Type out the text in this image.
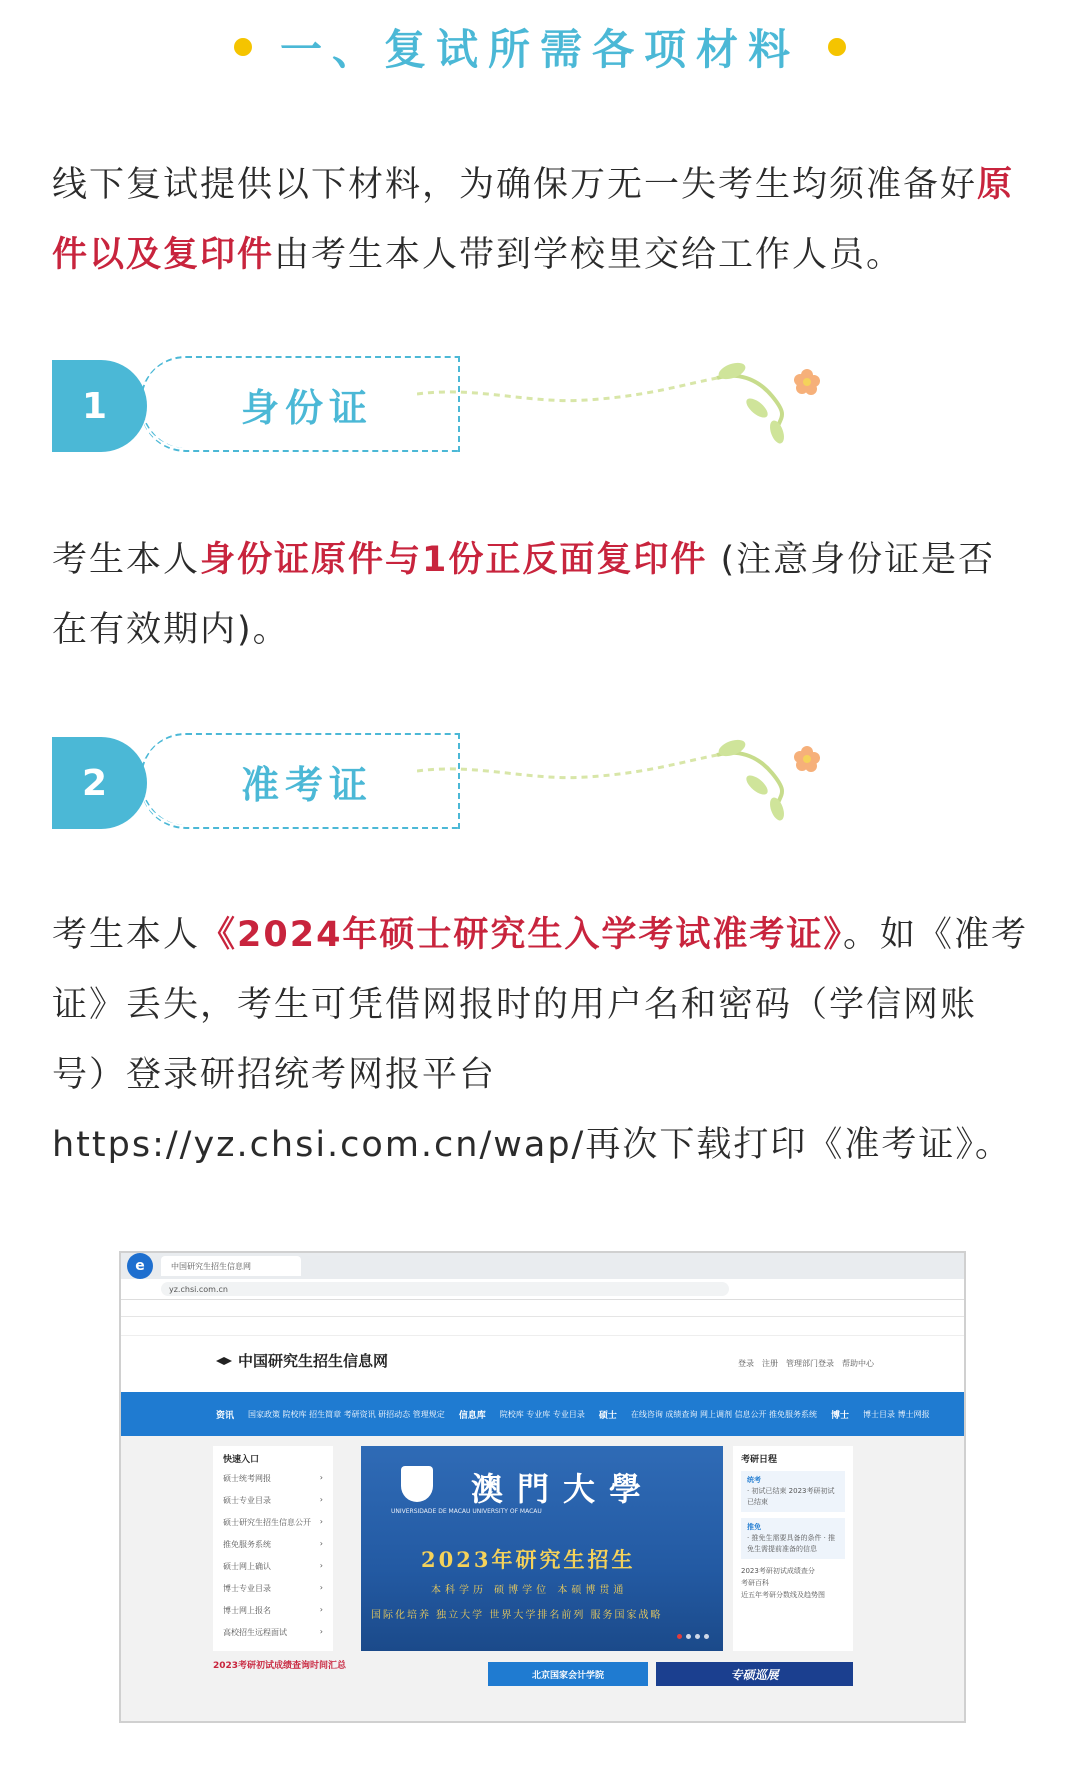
一、复试所需各项材料
线下复试提供以下材料，为确保万无一失考生均须准备好原件以及复印件由考生本人带到学校里交给工作人员。
1	身份证
考生本人身份证原件与1份正反面复印件 (注意身份证是否在有效期内)。
2	准考证
考生本人《2024年硕士研究生入学考试准考证》。如《准考证》丢失，考生可凭借网报时的用户名和密码（学信网账号）登录研招统考网报平台 https://yz.chsi.com.cn/wap/再次下载打印《准考证》。
e	中国研究生招生信息网
yz.chsi.com.cn
中国研究生招生信息网	登录 注册 管理部门登录 帮助中心
资讯 国家政策 院校库 招生简章 考研资讯 研招动态 管理规定 信息库 院校库 专业库 专业目录 硕士 在线咨询 成绩查询 网上调剂 信息公开 推免服务系统 博士 博士目录 博士网报
快速入口
硕士统考网报	›
硕士专业目录	›
硕士研究生招生信息公开 ›
推免服务系统	›
硕士网上确认	›
博士专业目录	›
博士网上报名	›
高校招生远程面试	›
UNIVERSIDADE DE MACAU UNIVERSITY OF MACAU
澳門大學
2023年研究生招生
本科学历 硕博学位 本硕博贯通
国际化培养 独立大学 世界大学排名前列 服务国家战略
考研日程
统考
· 初试已结束 2023考研初试已结束
推免
· 推免生需要具备的条件 · 推免生需提前准备的信息
2023考研初试成绩查分
考研百科
近五年考研分数线及趋势图
2023考研初试成绩查询时间汇总
北京国家会计学院	专硕巡展
